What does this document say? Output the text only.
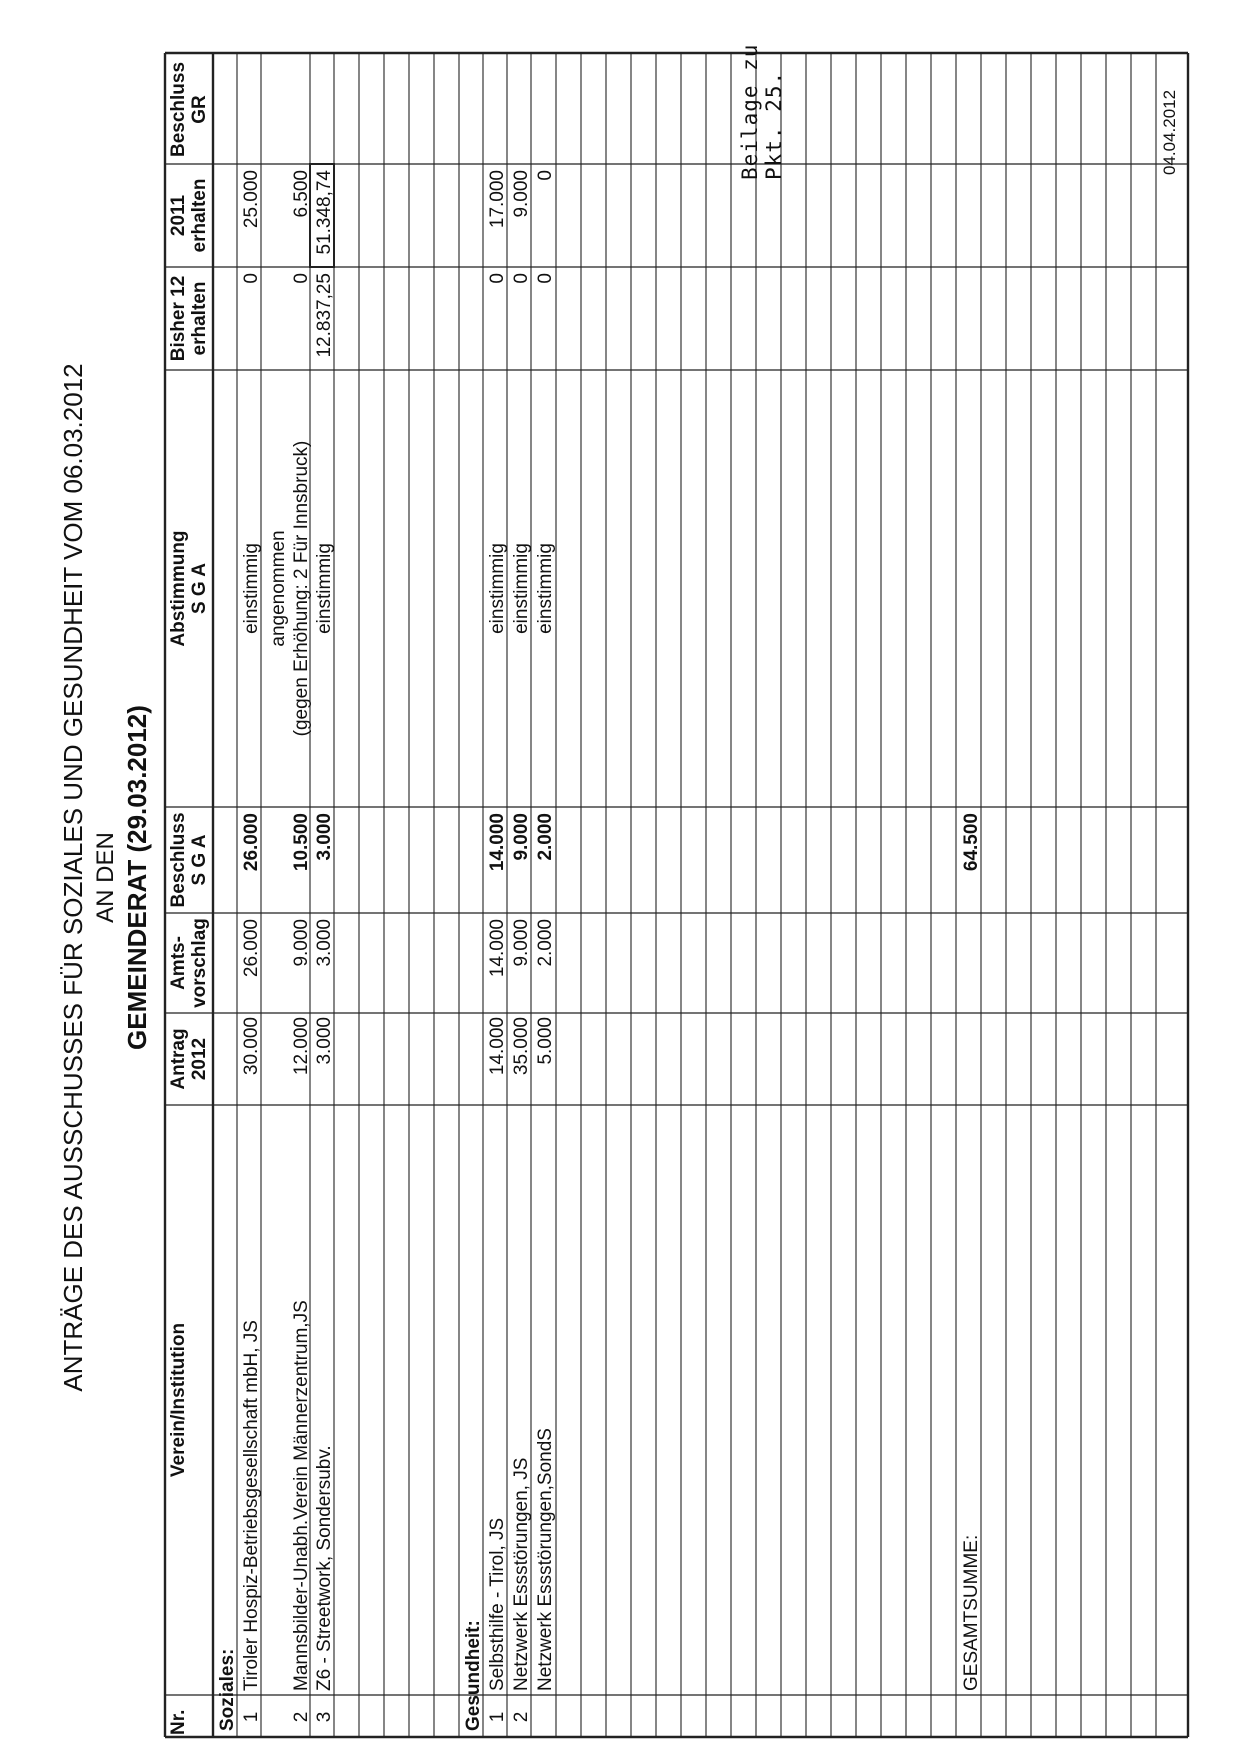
ANTRÄGE DES AUSSCHUSSES FÜR SOZIALES UND GESUNDHEIT VOM 06.03.2012 AN DEN GEMEINDERAT (29.03.2012)
Nr.
Verein/Institution
Antrag 2012
Amts- vorschlag
Beschluss S G A
Abstimmung S G A
Bisher 12 erhalten
2011 erhalten
Beschluss GR
Soziales:	Gesundheit:
1
Tiroler Hospiz-Betriebsgesellschaft mbH, JS
30.000
26.000
26.000
einstimmig
0
25.000
2
Mannsbilder-Unabh.Verein Männerzentrum,JS
12.000
9.000
10.500
angenommen (gegen Erhöhung: 2 Für Innsbruck)
0
6.500
3
Z6 - Streetwork, Sondersubv.
3.000
3.000
3.000
einstimmig
12.837,25
51.348,74
1
Selbsthilfe - Tirol, JS
14.000
14.000
14.000
einstimmig
0
17.000
2
Netzwerk Essstörungen, JS
35.000
9.000
9.000
einstimmig
0
9.000
Netzwerk Essstörungen,SondS
5.000
2.000
2.000
einstimmig
0
0
GESAMTSUMME:
64.500
Beilage zu Pkt. 25.	04.04.2012
